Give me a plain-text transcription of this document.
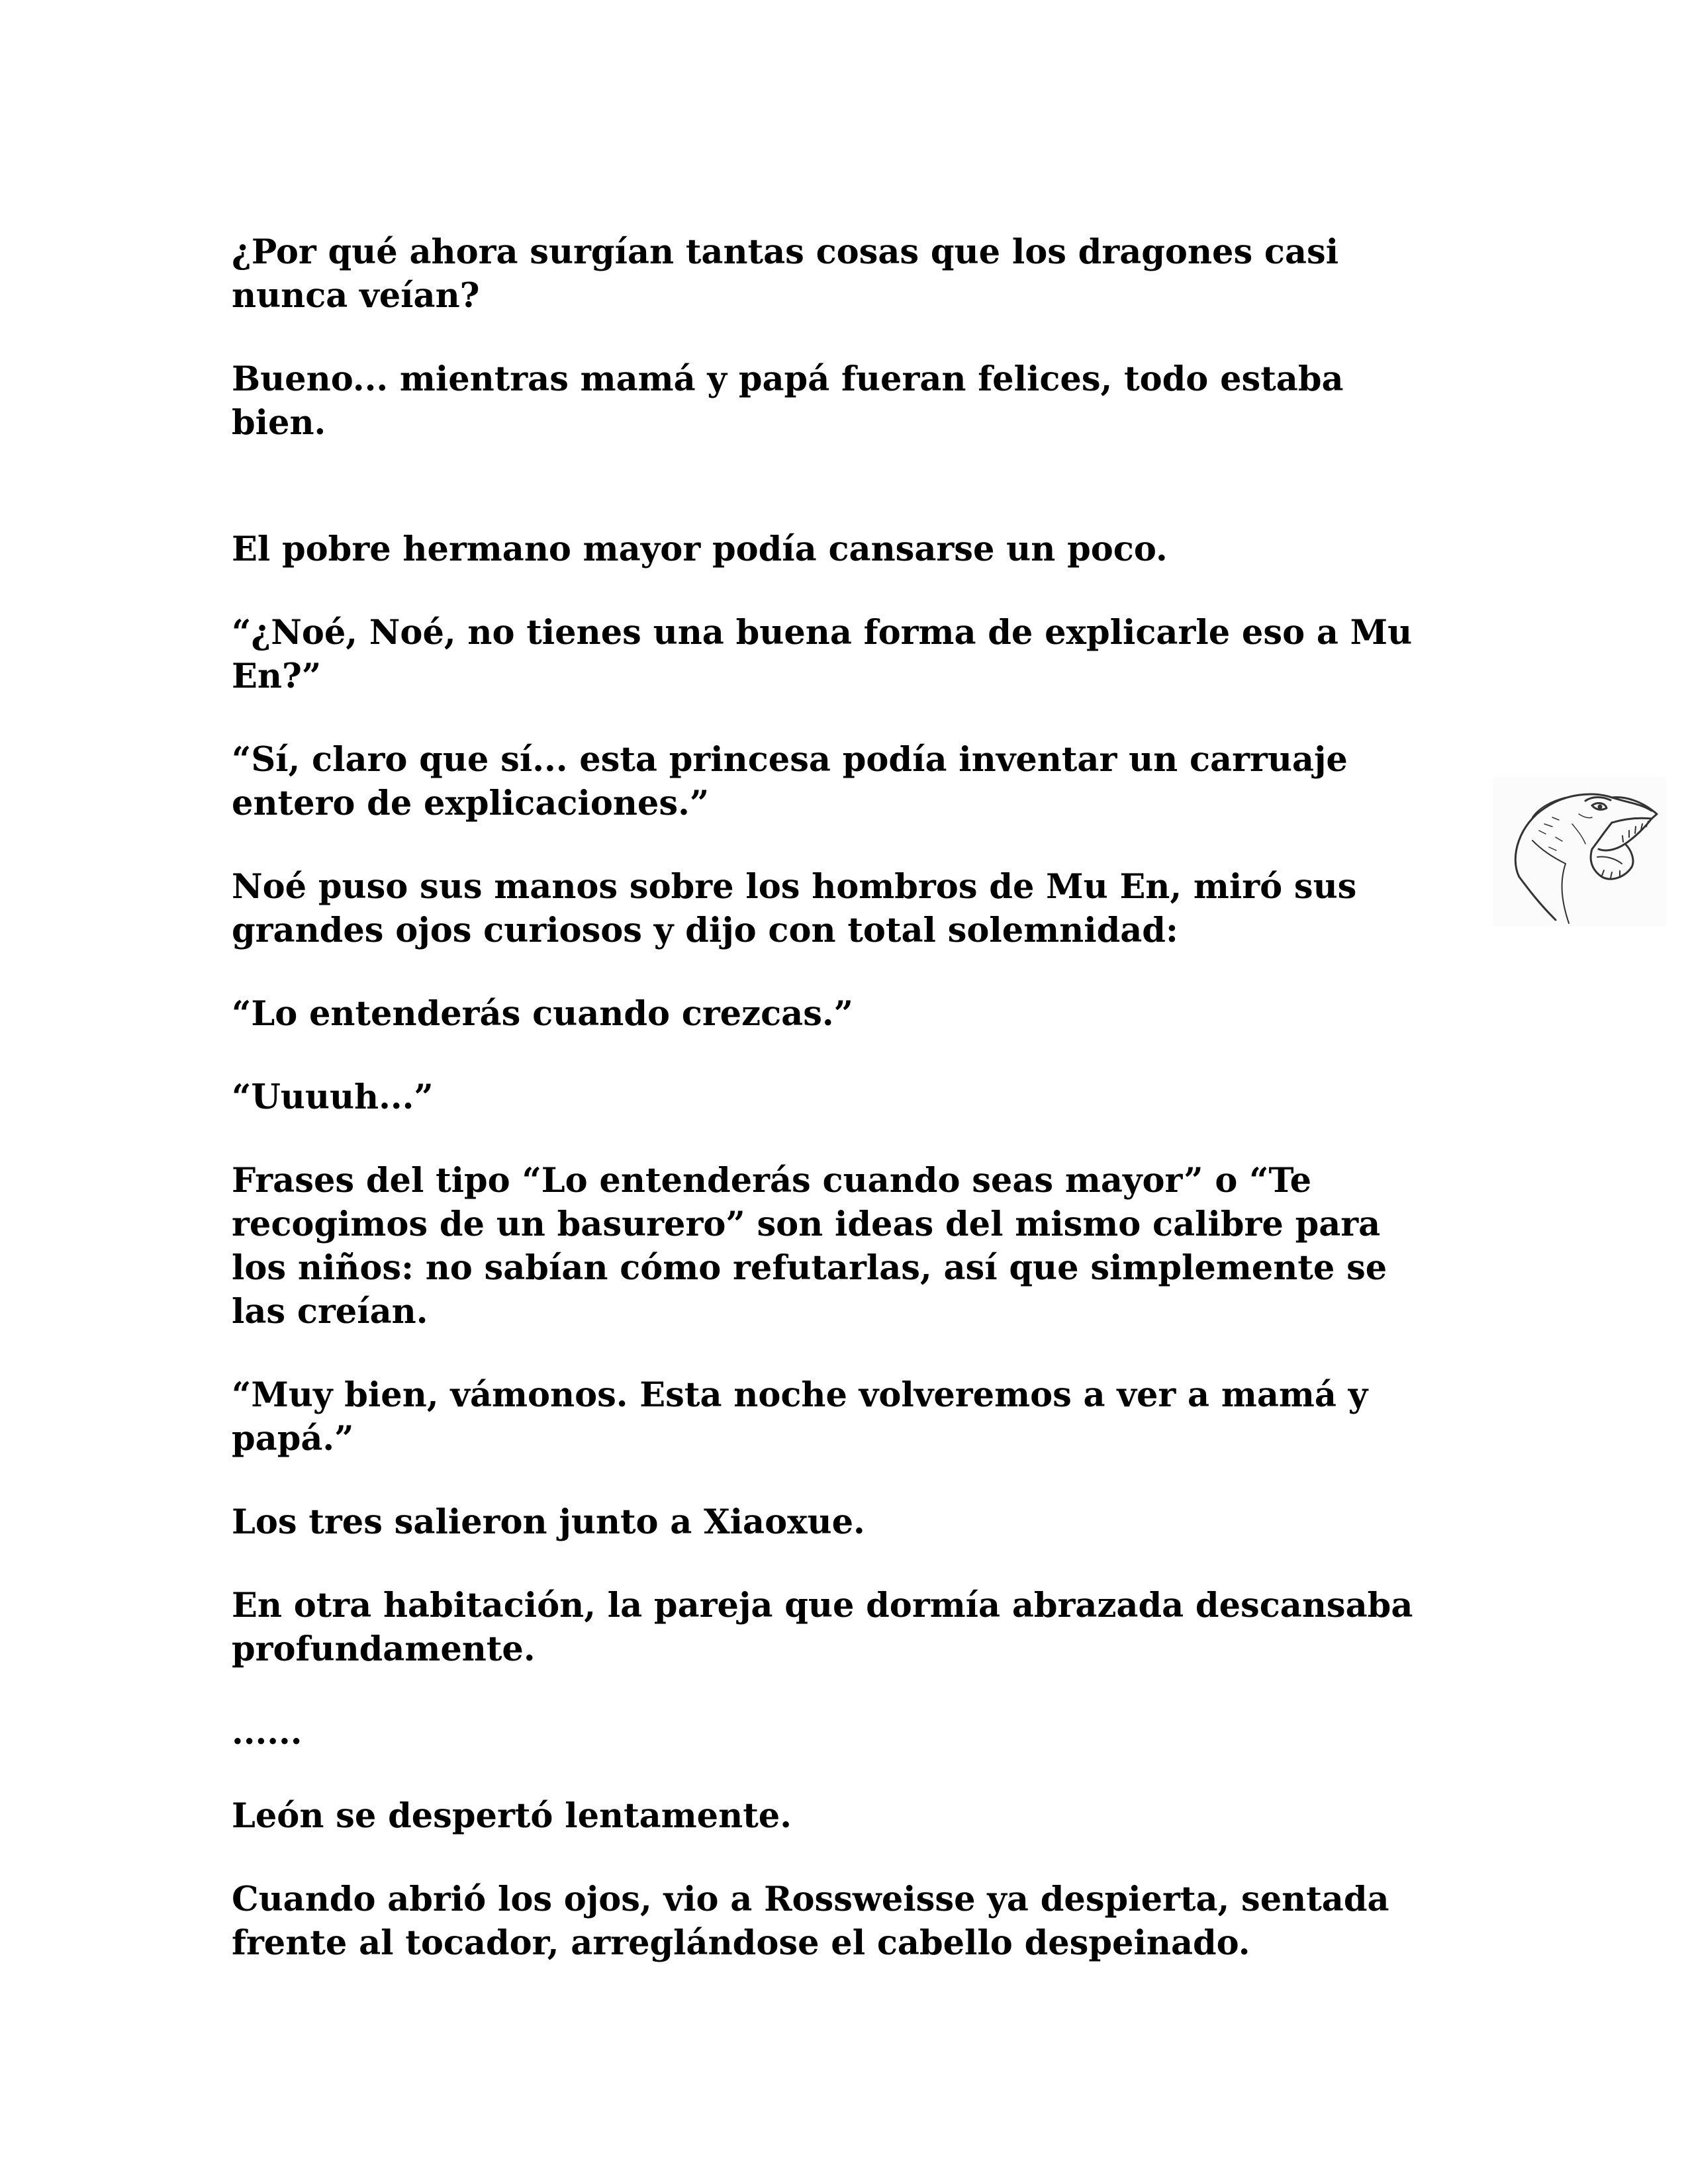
¿Por qué ahora surgían tantas cosas que los dragones casi nunca veían?

Bueno... mientras mamá y papá fueran felices, todo estaba bien.

El pobre hermano mayor podía cansarse un poco.

“¿Noé, Noé, no tienes una buena forma de explicarle eso a Mu En?”

“Sí, claro que sí... esta princesa podía inventar un carruaje entero de explicaciones.”

Noé puso sus manos sobre los hombros de Mu En, miró sus grandes ojos curiosos y dijo con total solemnidad:

“Lo entenderás cuando crezcas.”

“Uuuuh...”

Frases del tipo “Lo entenderás cuando seas mayor” o “Te recogimos de un basurero” son ideas del mismo calibre para los niños: no sabían cómo refutarlas, así que simplemente se las creían.

“Muy bien, vámonos. Esta noche volveremos a ver a mamá y papá.”

Los tres salieron junto a Xiaoxue.

En otra habitación, la pareja que dormía abrazada descansaba profundamente.

......

León se despertó lentamente.

Cuando abrió los ojos, vio a Rossweisse ya despierta, sentada frente al tocador, arreglándose el cabello despeinado.
